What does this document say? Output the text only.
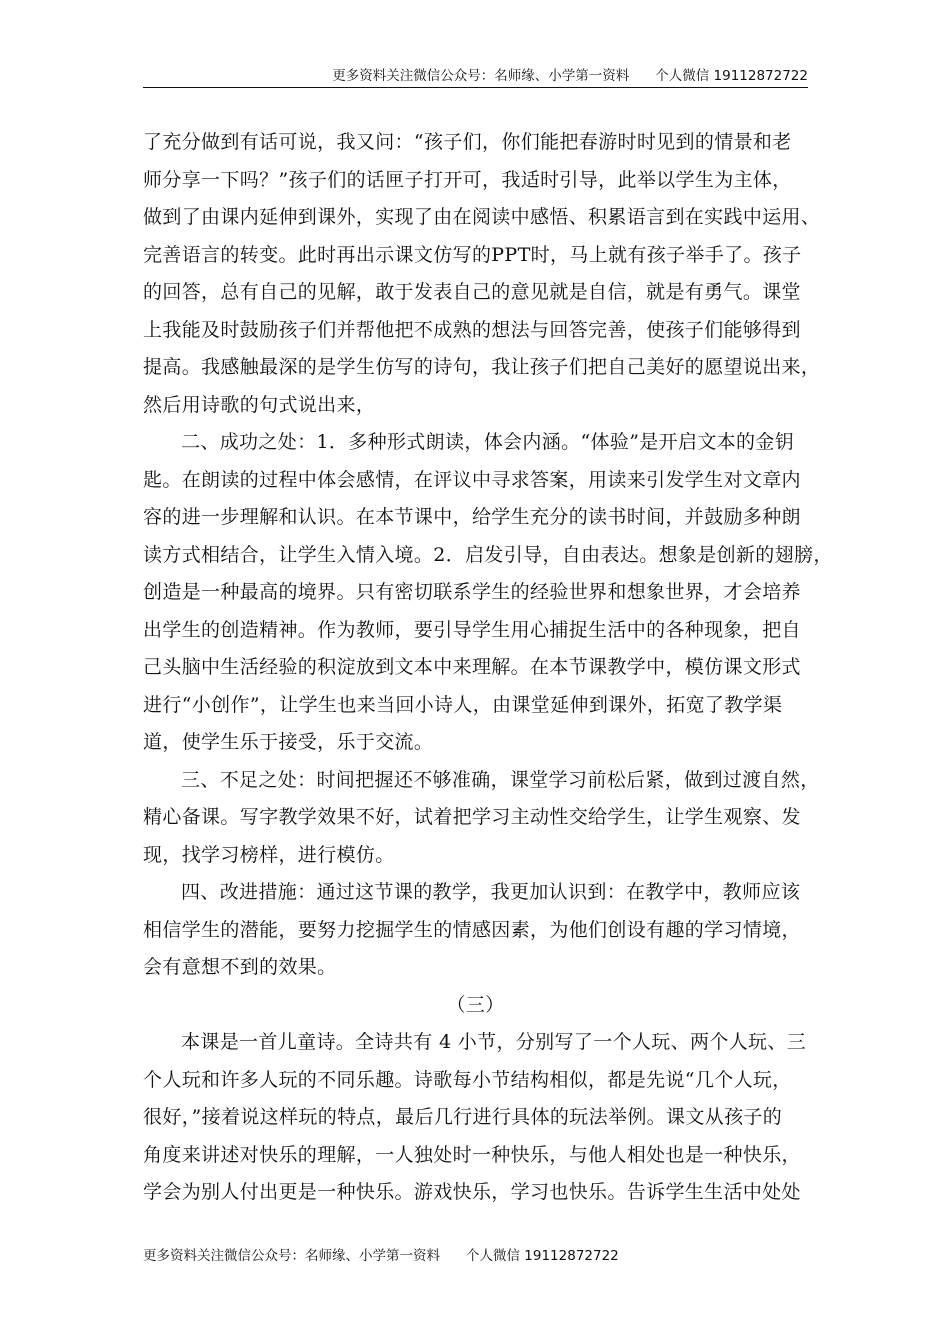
更多资料关注微信公众号：名师缘、小学第一资料 个人微信 19112872722
了充分做到有话可说，我又问：“孩子们，你们能把春游时时见到的情景和老
师分享一下吗？”孩子们的话匣子打开可，我适时引导，此举以学生为主体，
做到了由课内延伸到课外，实现了由在阅读中感悟、积累语言到在实践中运用、
完善语言的转变。此时再出示课文仿写的PPT时，马上就有孩子举手了。孩子
的回答，总有自己的见解，敢于发表自己的意见就是自信，就是有勇气。课堂
上我能及时鼓励孩子们并帮他把不成熟的想法与回答完善，使孩子们能够得到
提高。我感触最深的是学生仿写的诗句，我让孩子们把自己美好的愿望说出来，
然后用诗歌的句式说出来，
二、成功之处：1．多种形式朗读，体会内涵。“体验”是开启文本的金钥
匙。在朗读的过程中体会感情，在评议中寻求答案，用读来引发学生对文章内
容的进一步理解和认识。在本节课中，给学生充分的读书时间，并鼓励多种朗
读方式相结合，让学生入情入境。2．启发引导，自由表达。想象是创新的翅膀，
创造是一种最高的境界。只有密切联系学生的经验世界和想象世界，才会培养
出学生的创造精神。作为教师，要引导学生用心捕捉生活中的各种现象，把自
己头脑中生活经验的积淀放到文本中来理解。在本节课教学中，模仿课文形式
进行“小创作”，让学生也来当回小诗人，由课堂延伸到课外，拓宽了教学渠
道，使学生乐于接受，乐于交流。
三、不足之处：时间把握还不够准确，课堂学习前松后紧，做到过渡自然，
精心备课。写字教学效果不好，试着把学习主动性交给学生，让学生观察、发
现，找学习榜样，进行模仿。
四、改进措施：通过这节课的教学，我更加认识到：在教学中，教师应该
相信学生的潜能，要努力挖掘学生的情感因素，为他们创设有趣的学习情境，
会有意想不到的效果。
（三）
本课是一首儿童诗。全诗共有 4 小节，分别写了一个人玩、两个人玩、三
个人玩和许多人玩的不同乐趣。诗歌每小节结构相似，都是先说“几个人玩，
很好，”接着说这样玩的特点，最后几行进行具体的玩法举例。课文从孩子的
角度来讲述对快乐的理解，一人独处时一种快乐，与他人相处也是一种快乐，
学会为别人付出更是一种快乐。游戏快乐，学习也快乐。告诉学生生活中处处
更多资料关注微信公众号：名师缘、小学第一资料 个人微信 19112872722
